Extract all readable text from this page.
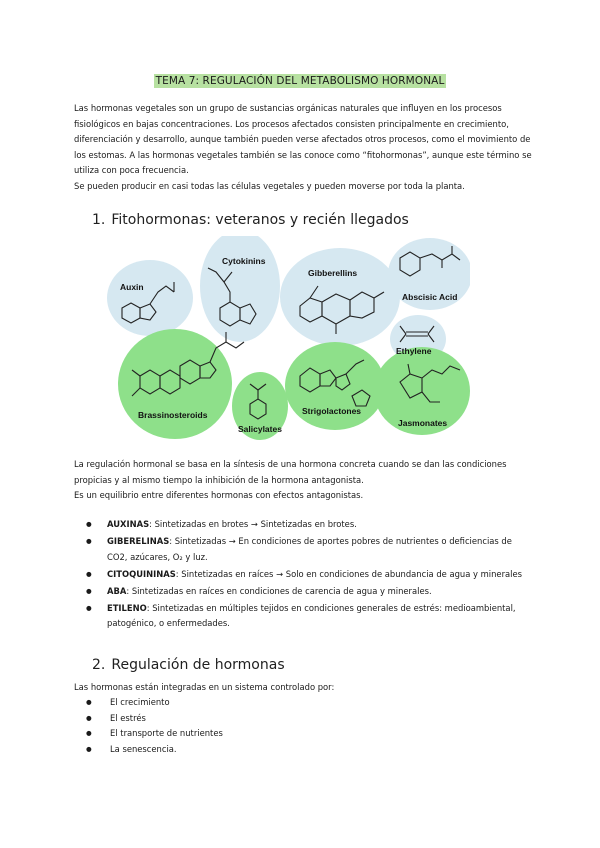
TEMA 7: REGULACIÓN DEL METABOLISMO HORMONAL

Las hormonas vegetales son un grupo de sustancias orgánicas naturales que influyen en los procesos fisiológicos en bajas concentraciones. Los procesos afectados consisten principalmente en crecimiento, diferenciación y desarrollo, aunque también pueden verse afectados otros procesos, como el movimiento de los estomas. A las hormonas vegetales también se las conoce como “fitohormonas”, aunque este término se utiliza con poca frecuencia.

Se pueden producir en casi todas las células vegetales y pueden moverse por toda la planta.

1. Fitohormonas: veteranos y recién llegados
Auxin
Cytokinins
Gibberellins
Abscisic Acid
Ethylene
Brassinosteroids
Salicylates
Strigolactones
Jasmonates

La regulación hormonal se basa en la síntesis de una hormona concreta cuando se dan las condiciones propicias y al mismo tiempo la inhibición de la hormona antagonista.

Es un equilibrio entre diferentes hormonas con efectos antagonistas.

● AUXINAS: Sintetizadas en brotes → Sintetizadas en brotes.
● GIBERELINAS: Sintetizadas → En condiciones de aportes pobres de nutrientes o deficiencias de CO2, azúcares, O₂ y luz.
● CITOQUININAS: Sintetizadas en raíces → Solo en condiciones de abundancia de agua y minerales
● ABA: Sintetizadas en raíces en condiciones de carencia de agua y minerales.
● ETILENO: Sintetizadas en múltiples tejidos en condiciones generales de estrés: medioambiental, patogénico, o enfermedades.
2. Regulación de hormonas
Las hormonas están integradas en un sistema controlado por:
● El crecimiento
● El estrés
● El transporte de nutrientes
● La senescencia.
